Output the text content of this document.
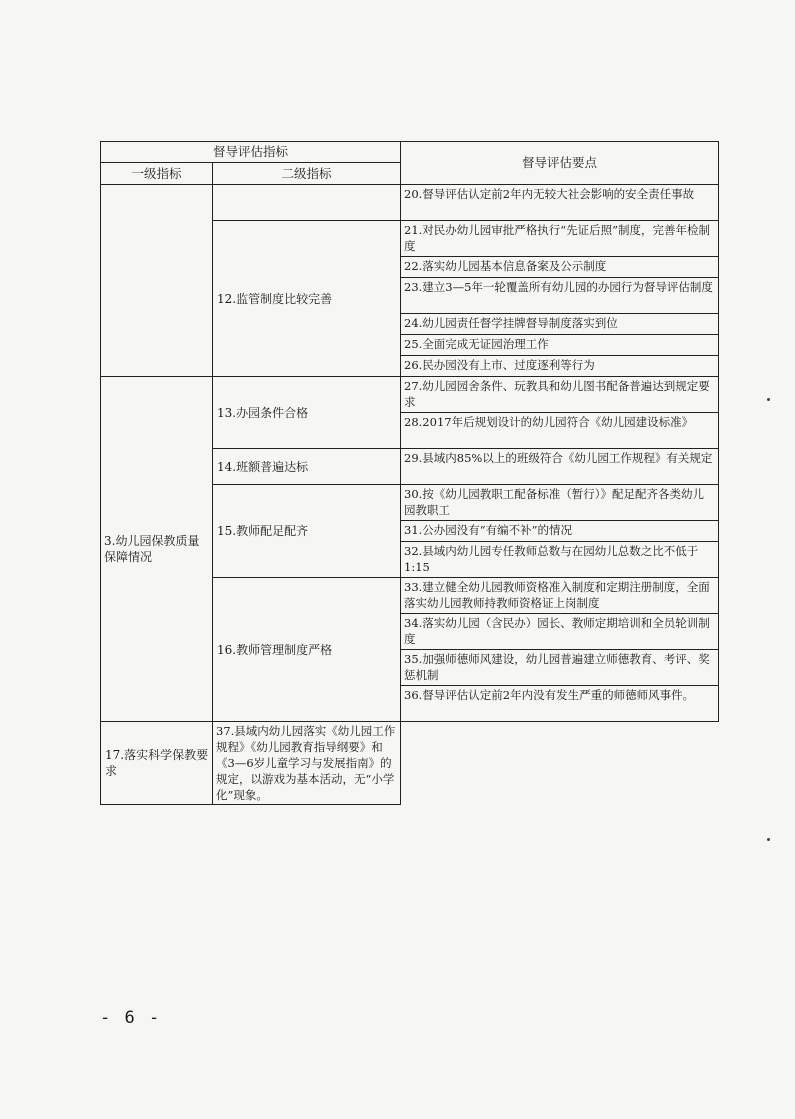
督导评估指标		督导评估要点
一级指标	二级指标	
		20.督导评估认定前2年内无较大社会影响的安全责任事故
	12.监管制度比较完善	21.对民办幼儿园审批严格执行“先证后照”制度，完善年检制度
		22.落实幼儿园基本信息备案及公示制度
		23.建立3—5年一轮覆盖所有幼儿园的办园行为督导评估制度
		24.幼儿园责任督学挂牌督导制度落实到位
		25.全面完成无证园治理工作
		26.民办园没有上市、过度逐利等行为

3.幼儿园保教质量保障情况	13.办园条件合格	27.幼儿园园舍条件、玩教具和幼儿图书配备普遍达到规定要求
		28.2017年后规划设计的幼儿园符合《幼儿园建设标准》
	14.班额普遍达标	29.县域内85%以上的班级符合《幼儿园工作规程》有关规定
	15.教师配足配齐	30.按《幼儿园教职工配备标准（暂行）》配足配齐各类幼儿园教职工
		31.公办园没有“有编不补”的情况
		32.县域内幼儿园专任教师总数与在园幼儿总数之比不低于1:15
	16.教师管理制度严格	33.建立健全幼儿园教师资格准入制度和定期注册制度，全面落实幼儿园教师持教师资格证上岗制度
		34.落实幼儿园（含民办）园长、教师定期培训和全员轮训制度
		35.加强师德师风建设，幼儿园普遍建立师德教育、考评、奖惩机制
		36.督导评估认定前2年内没有发生严重的师德师风事件。
17.落实科学保教要求	37.县域内幼儿园落实《幼儿园工作规程》《幼儿园教育指导纲要》和《3—6岁儿童学习与发展指南》的规定，以游戏为基本活动，无“小学化”现象。	
- 6 -
